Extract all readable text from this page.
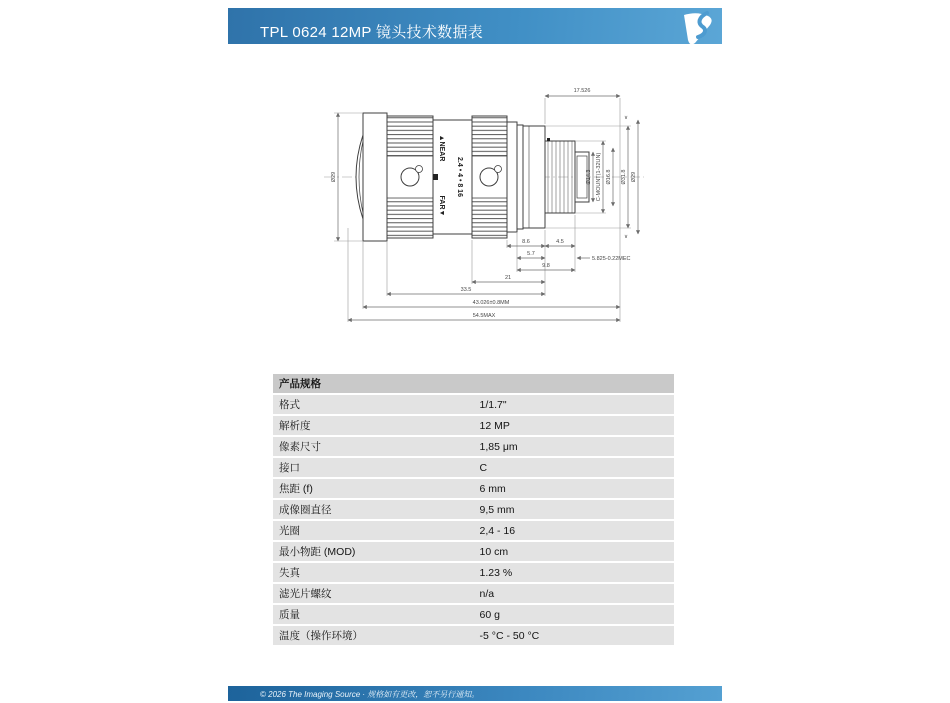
TPL 0624 12MP 镜头技术数据表
▲NEAR
FAR▼
2.4 • 4 • 8 16
17.526
Ø29	Ø14.3 C-MOUNT(1-32UN) Ø16.8 Ø31.8 Ø29
8.6	4.5
5.7
5.825-0.22MEC
9.8
21
33.5
43.026±0.8MM
54.5MAX
∨
∨
产品规格	
格式	1/1.7"
解析度	12 MP
像素尺寸	1,85 μm
接口	C
焦距 (f)	6 mm
成像圈直径	9,5 mm
光圈	2,4 - 16
最小物距 (MOD)	10 cm
失真	1.23 %
滤光片螺纹	n/a
质量	60 g
温度（操作环境）	-5 °C - 50 °C
© 2026 The Imaging Source · 规格如有更改，恕不另行通知。
